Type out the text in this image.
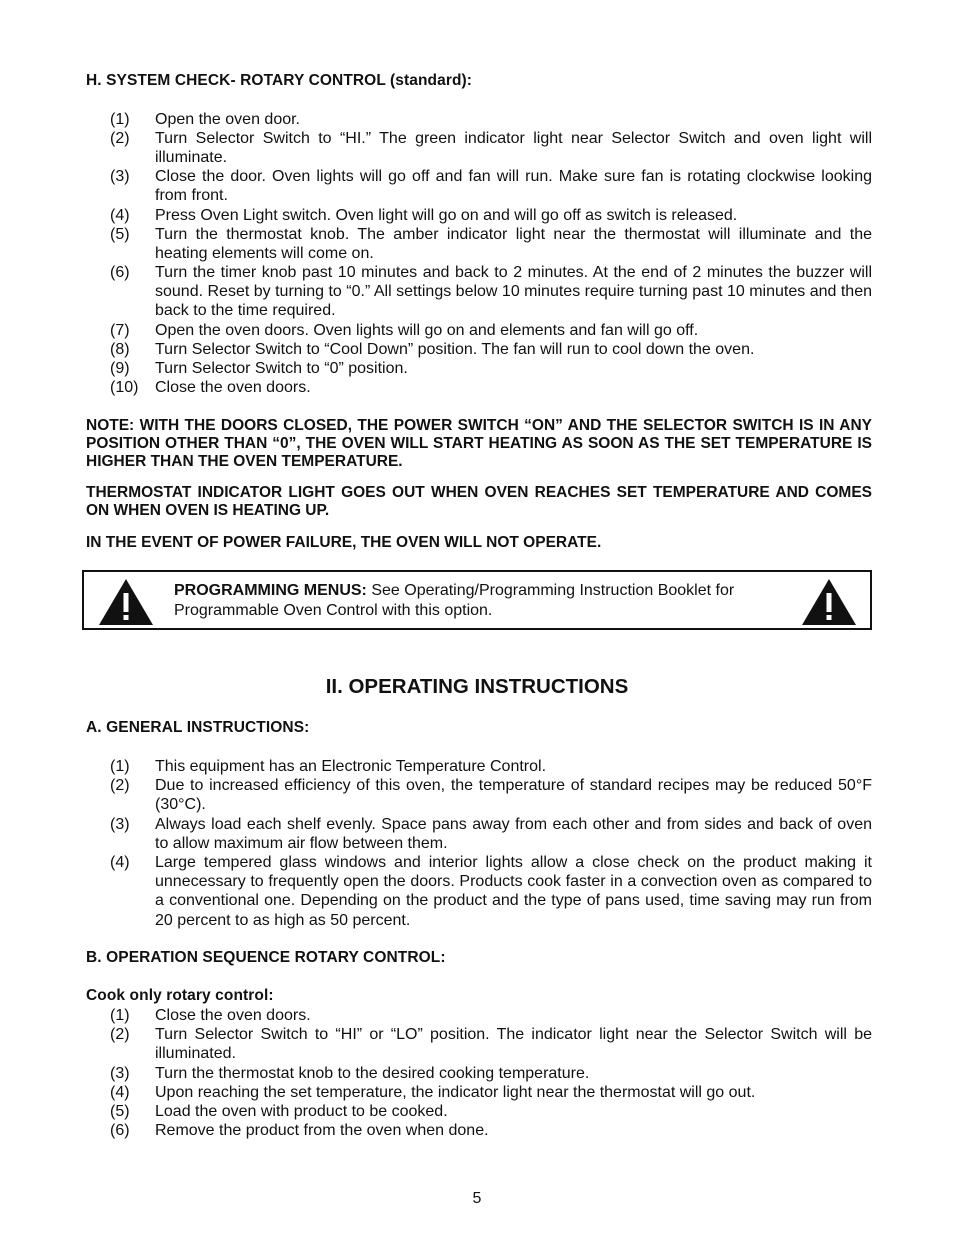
H. SYSTEM CHECK- ROTARY CONTROL (standard):
(1) Open the oven door.
(2) Turn Selector Switch to “HI.” The green indicator light near Selector Switch and oven light will illuminate.
(3) Close the door. Oven lights will go off and fan will run. Make sure fan is rotating clockwise looking from front.
(4) Press Oven Light switch. Oven light will go on and will go off as switch is released.
(5) Turn the thermostat knob. The amber indicator light near the thermostat will illuminate and the heating elements will come on.
(6) Turn the timer knob past 10 minutes and back to 2 minutes. At the end of 2 minutes the buzzer will sound. Reset by turning to “0.” All settings below 10 minutes require turning past 10 minutes and then back to the time required.
(7) Open the oven doors. Oven lights will go on and elements and fan will go off.
(8) Turn Selector Switch to “Cool Down” position. The fan will run to cool down the oven.
(9) Turn Selector Switch to “0” position.
(10) Close the oven doors.
NOTE: WITH THE DOORS CLOSED, THE POWER SWITCH “ON” AND THE SELECTOR SWITCH IS IN ANY POSITION OTHER THAN “0”, THE OVEN WILL START HEATING AS SOON AS THE SET TEMPERATURE IS HIGHER THAN THE OVEN TEMPERATURE.
THERMOSTAT INDICATOR LIGHT GOES OUT WHEN OVEN REACHES SET TEMPERATURE AND COMES ON WHEN OVEN IS HEATING UP.
IN THE EVENT OF POWER FAILURE, THE OVEN WILL NOT OPERATE.
PROGRAMMING MENUS: See Operating/Programming Instruction Booklet for Programmable Oven Control with this option.
II. OPERATING INSTRUCTIONS
A. GENERAL INSTRUCTIONS:
(1) This equipment has an Electronic Temperature Control.
(2) Due to increased efficiency of this oven, the temperature of standard recipes may be reduced 50°F (30°C).
(3) Always load each shelf evenly. Space pans away from each other and from sides and back of oven to allow maximum air flow between them.
(4) Large tempered glass windows and interior lights allow a close check on the product making it unnecessary to frequently open the doors. Products cook faster in a convection oven as compared to a conventional one. Depending on the product and the type of pans used, time saving may run from 20 percent to as high as 50 percent.
B. OPERATION SEQUENCE ROTARY CONTROL:
Cook only rotary control:
(1) Close the oven doors.
(2) Turn Selector Switch to “HI” or “LO” position. The indicator light near the Selector Switch will be illuminated.
(3) Turn the thermostat knob to the desired cooking temperature.
(4) Upon reaching the set temperature, the indicator light near the thermostat will go out.
(5) Load the oven with product to be cooked.
(6) Remove the product from the oven when done.
5
